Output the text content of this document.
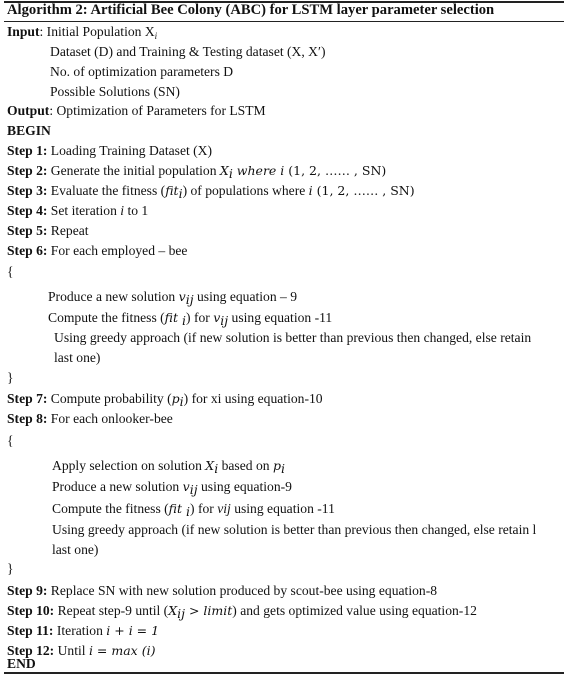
Algorithm 2: Artificial Bee Colony (ABC) for LSTM layer parameter selection
Input: Initial Population $X_i$
Dataset (D) and Training & Testing dataset (X, X′)
No. of optimization parameters D
Possible Solutions (SN)
Output: Optimization of Parameters for LSTM
BEGIN
Step 1: Loading Training Dataset (X)
Step 2: Generate the initial population $X_i$ where i (1, 2, …… , SN)
Step 3: Evaluate the fitness (fit$_i$) of populations where i (1, 2, …… , SN)
Step 4: Set iteration i to 1
Step 5: Repeat
Step 6: For each employed – bee
{
Produce a new solution $v_{ij}$ using equation – 9
Compute the fitness (fit $_i$) for $v_{ij}$ using equation -11
Using greedy approach (if new solution is better than previous then changed, else retain
last one)
}
Step 7: Compute probability $(p_i)$ for xi using equation-10
Step 8: For each onlooker-bee
{
Apply selection on solution $X_i$ based on $p_i$
Produce a new solution $v_{ij}$ using equation-9
Compute the fitness (fit $_i$) for vij using equation -11
Using greedy approach (if new solution is better than previous then changed, else retain l
last one)
}
Step 9: Replace SN with new solution produced by scout-bee using equation-8
Step 10: Repeat step-9 until ($X_{ij}$ > limit) and gets optimized value using equation-12
Step 11: Iteration i + i = 1
Step 12: Until i = max (i)
END
